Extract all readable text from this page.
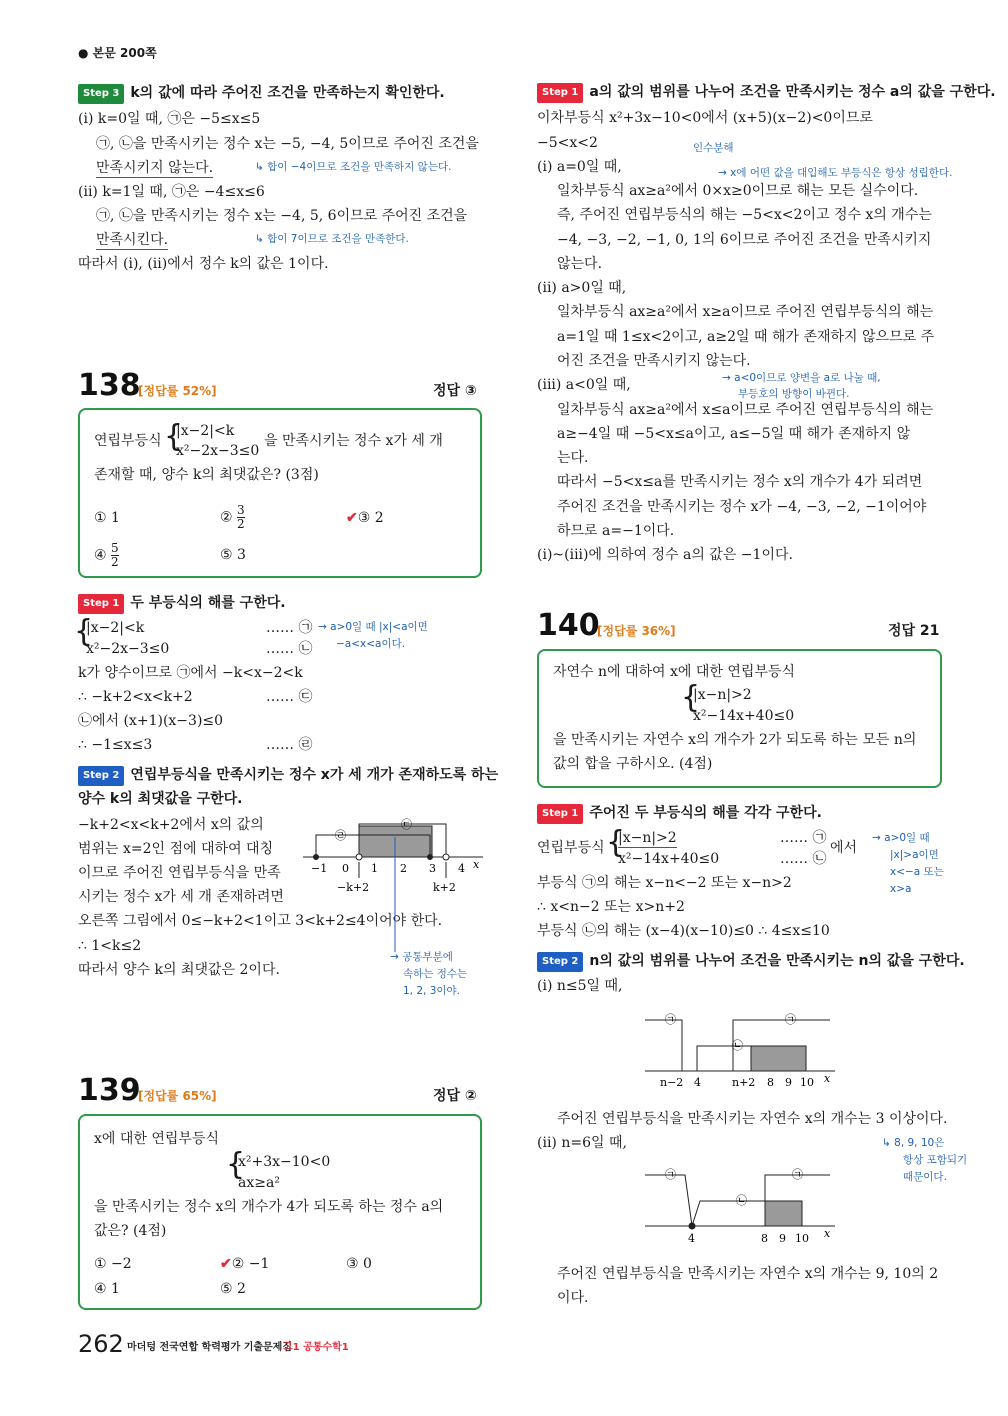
● 본문 200쪽
Step 3 k의 값에 따라 주어진 조건을 만족하는지 확인한다.
(i) k=0일 때, ㉠은 −5≤x≤5
㉠, ㉡을 만족시키는 정수 x는 −5, −4, 5이므로 주어진 조건을
만족시키지 않는다.	↳ 합이 −4이므로 조건을 만족하지 않는다.
(ii) k=1일 때, ㉠은 −4≤x≤6
㉠, ㉡을 만족시키는 정수 x는 −4, 5, 6이므로 주어진 조건을
만족시킨다.	↳ 합이 7이므로 조건을 만족한다.
따라서 (i), (ii)에서 정수 k의 값은 1이다.
138
[정답률 52%]	정답 ③
연립부등식 {
|x−2|<k
x²−2x−3≤0
을 만족시키는 정수 x가 세 개
존재할 때, 양수 k의 최댓값은? (3점)
① 1	② $\frac{3}{2}$	✔③ 2
④ $\frac{5}{2}$	⑤ 3
Step 1 두 부등식의 해를 구한다.
{
|x−2|<k
x²−2x−3≤0
…… ㉠ → a>0일 때 |x|<a이면
−a<x<a이다.
…… ㉡
k가 양수이므로 ㉠에서 −k<x−2<k
∴ −k+2<x<k+2	…… ㉢
㉡에서 (x+1)(x−3)≤0
∴ −1≤x≤3	…… ㉣
Step 2 연립부등식을 만족시키는 정수 x가 세 개가 존재하도록 하는
양수 k의 최댓값을 구한다.
−k+2<x<k+2에서 x의 값의
범위는 x=2인 점에 대하여 대칭
이므로 주어진 연립부등식을 만족
시키는 정수 x가 세 개 존재하려면
오른쪽 그림에서 0≤−k+2<1이고 3<k+2≤4이어야 한다.
∴ 1<k≤2
따라서 양수 k의 최댓값은 2이다.
→ 공통부분에
속하는 정수는
1, 2, 3이야.
−1 0 1 2 3 4 x
㉣
㉢
−k+2	k+2
139
[정답률 65%]	정답 ②
x에 대한 연립부등식
{
x²+3x−10<0
ax≥a²
을 만족시키는 정수 x의 개수가 4가 되도록 하는 정수 a의
값은? (4점)
① −2	✔② −1	③ 0
④ 1	⑤ 2
262 마더텅 전국연합 학력평가 기출문제집
고1 공통수학1
Step 1 a의 값의 범위를 나누어 조건을 만족시키는 정수 a의 값을 구한다.
이차부등식 x²+3x−10<0에서 (x+5)(x−2)<0이므로
−5<x<2	인수분해
(i) a=0일 때,	→ x에 어떤 값을 대입해도 부등식은 항상 성립한다.
일차부등식 ax≥a²에서 0×x≥0이므로 해는 모든 실수이다.
즉, 주어진 연립부등식의 해는 −5<x<2이고 정수 x의 개수는
−4, −3, −2, −1, 0, 1의 6이므로 주어진 조건을 만족시키지
않는다.
(ii) a>0일 때,
일차부등식 ax≥a²에서 x≥a이므로 주어진 연립부등식의 해는
a=1일 때 1≤x<2이고, a≥2일 때 해가 존재하지 않으므로 주
어진 조건을 만족시키지 않는다.
(iii) a<0일 때,	→ a<0이므로 양변을 a로 나눌 때,
부등호의 방향이 바뀐다.
일차부등식 ax≥a²에서 x≤a이므로 주어진 연립부등식의 해는
a≥−4일 때 −5<x≤a이고, a≤−5일 때 해가 존재하지 않
는다.
따라서 −5<x≤a를 만족시키는 정수 x의 개수가 4가 되려면
주어진 조건을 만족시키는 정수 x가 −4, −3, −2, −1이어야
하므로 a=−1이다.
(i)~(iii)에 의하여 정수 a의 값은 −1이다.
140
[정답률 36%]	정답 21
자연수 n에 대하여 x에 대한 연립부등식
{
|x−n|>2
x²−14x+40≤0
을 만족시키는 자연수 x의 개수가 2가 되도록 하는 모든 n의
값의 합을 구하시오. (4점)
Step 1 주어진 두 부등식의 해를 각각 구한다.
연립부등식 {
|x−n|>2
x²−14x+40≤0
…… ㉠
…… ㉡
에서
→ a>0일 때
|x|>a이면
x<−a 또는
x>a
부등식 ㉠의 해는 x−n<−2 또는 x−n>2
∴ x<n−2 또는 x>n+2
부등식 ㉡의 해는 (x−4)(x−10)≤0 ∴ 4≤x≤10
Step 2 n의 값의 범위를 나누어 조건을 만족시키는 n의 값을 구한다.
(i) n≤5일 때,
㉠	㉠
㉡
n−2 4	n+2 8 9 10 x
주어진 연립부등식을 만족시키는 자연수 x의 개수는 3 이상이다.
(ii) n=6일 때,	↳ 8, 9, 10은
항상 포함되기
때문이다.
㉠	㉠
㉡
4	8 9 10 x
주어진 연립부등식을 만족시키는 자연수 x의 개수는 9, 10의 2
이다.
